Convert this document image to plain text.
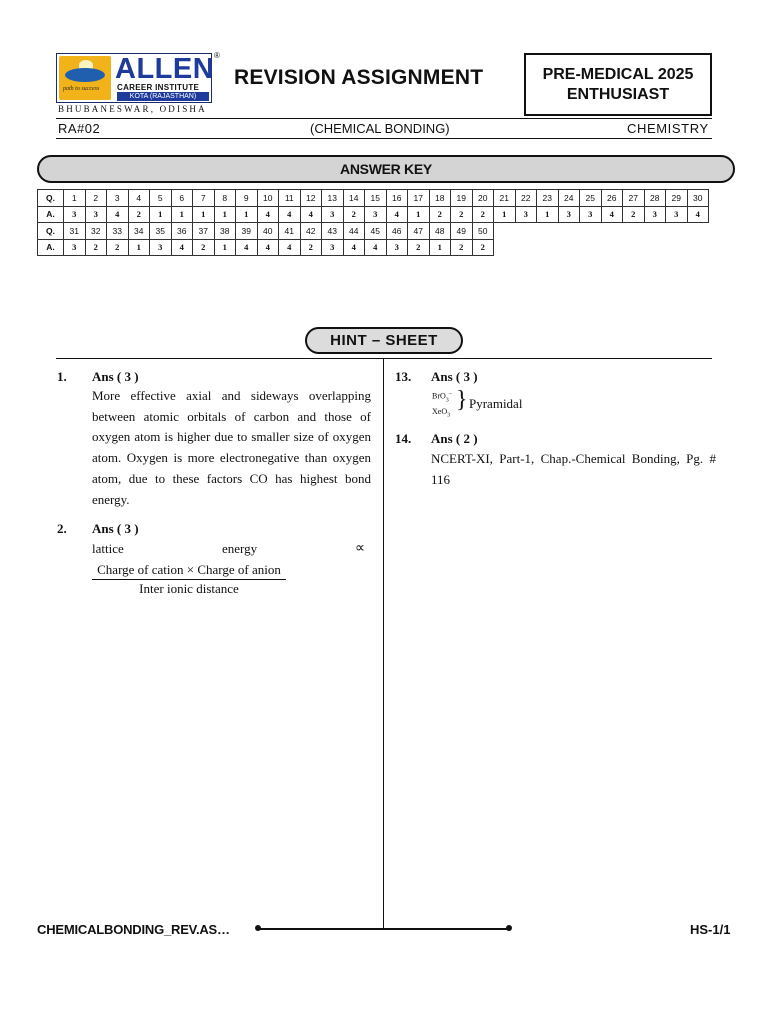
path to success
ALLEN
CAREER INSTITUTE
KOTA (RAJASTHAN)
®
BHUBANESWAR, ODISHA
REVISION ASSIGNMENT	PRE-MEDICAL 2025
ENTHUSIAST
RA#02	(CHEMICAL BONDING)	CHEMISTRY
ANSWER KEY
Q.	1	2	3	4	5	6	7	8	9	10	11	12	13	14	15	16	17	18	19	20	21	22	23	24	25	26	27	28	29	30
A.	3	3	4	2	1	1	1	1	1	4	4	4	3	2	3	4	1	2	2	2	1	3	1	3	3	4	2	3	3	4
Q.	31	32	33	34	35	36	37	38	39	40	41	42	43	44	45	46	47	48	49	50										
A.	3	2	2	1	3	4	2	1	4	4	4	2	3	4	4	3	2	1	2	2										
HINT – SHEET
1. Ans ( 3 )
More effective axial and sideways overlapping between atomic orbitals of carbon and those of oxygen atom is higher due to smaller size of oxygen atom. Oxygen is more electronegative than oxygen atom, due to these factors CO has highest bond energy.
2. Ans ( 3 )
lattice	energy	∝
Charge of cation × Charge of anion
Inter ionic distance
13. Ans ( 3 )
BrO$_3$–
XeO$_3$
} Pyramidal
14. Ans ( 2 )
NCERT-XI, Part-1, Chap.-Chemical Bonding, Pg. # 116
CHEMICALBONDING_REV.AS…	HS-1/1
